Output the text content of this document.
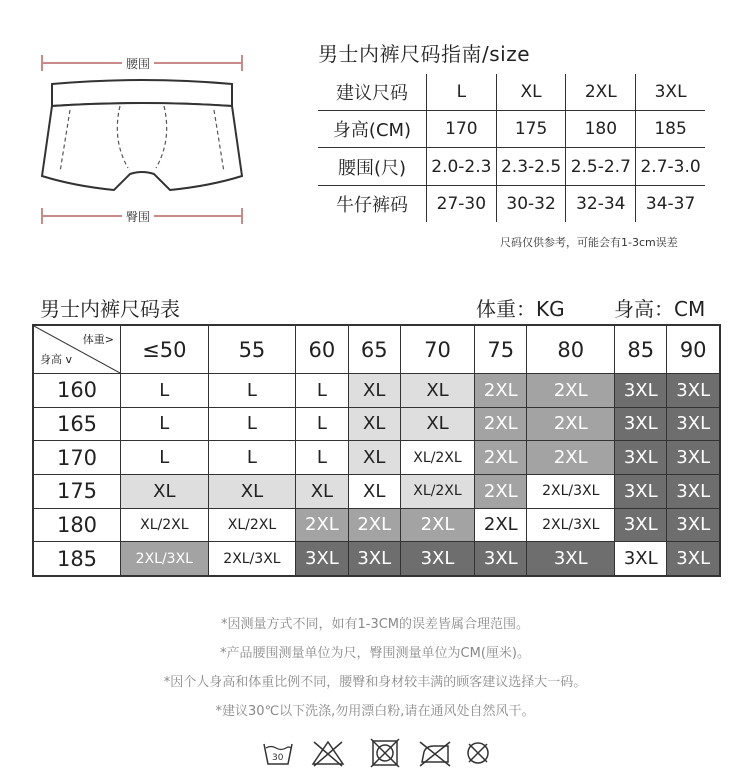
腰围
臀围
男士内裤尺码指南/size
建议尺码	L	XL	2XL	3XL
身高(CM)	170	175	180	185
腰围(尺)	2.0-2.3	2.3-2.5	2.5-2.7	2.7-3.0
牛仔裤码	27-30	30-32	32-34	34-37
尺码仅供参考，可能会有1-3cm误差
男士内裤尺码表	体重：KG 身高：CM
体重>
身高 v	≤50	55	60	65	70	75	80	85	90
160	L	L	L	XL	XL	2XL	2XL	3XL	3XL
165	L	L	L	XL	XL	2XL	2XL	3XL	3XL
170	L	L	L	XL	XL/2XL	2XL	2XL	3XL	3XL
175	XL	XL	XL	XL	XL/2XL	2XL	2XL/3XL	3XL	3XL
180	XL/2XL	XL/2XL	2XL	2XL	2XL	2XL	2XL/3XL	3XL	3XL
185	2XL/3XL	2XL/3XL	3XL	3XL	3XL	3XL	3XL	3XL	3XL
*因测量方式不同，如有1-3CM的误差皆属合理范围。
*产品腰围测量单位为尺，臀围测量单位为CM(厘米)。
*因个人身高和体重比例不同，腰臀和身材较丰满的顾客建议选择大一码。
*建议30℃以下洗涤,勿用漂白粉,请在通风处自然风干。
30
